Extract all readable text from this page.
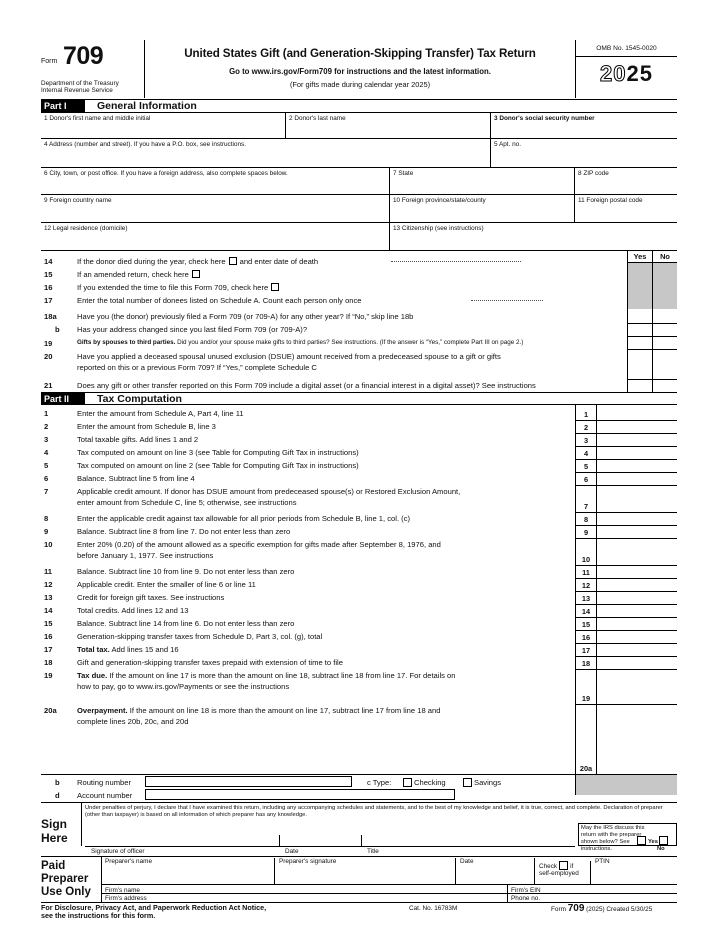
Form 709
Department of the Treasury
Internal Revenue Service
United States Gift (and Generation-Skipping Transfer) Tax Return
Go to www.irs.gov/Form709 for instructions and the latest information.
(For gifts made during calendar year 2025)
OMB No. 1545-0020
2025
Part I	General Information
1 Donor's first name and middle initial	2 Donor's last name	3 Donor's social security number
4 Address (number and street). If you have a P.O. box, see instructions.	5 Apt. no.
6 City, town, or post office. If you have a foreign address, also complete spaces below.	7 State	8 ZIP code
9 Foreign country name	10 Foreign province/state/county	11 Foreign postal code
12 Legal residence (domicile)	13 Citizenship (see instructions)
Yes	No
14	If the donor died during the year, check here and enter date of death
15	If an amended return, check here
16	If you extended the time to file this Form 709, check here
17	Enter the total number of donees listed on Schedule A. Count each person only once
18a	Have you (the donor) previously filed a Form 709 (or 709-A) for any other year? If “No,” skip line 18b
b Has your address changed since you last filed Form 709 (or 709-A)?
19	Gifts by spouses to third parties. Did you and/or your spouse make gifts to third parties? See instructions. (If the answer is “Yes,” complete Part III on page 2.)
20	Have you applied a deceased spousal unused exclusion (DSUE) amount received from a predeceased spouse to a gift or gifts
reported on this or a previous Form 709? If “Yes,” complete Schedule C
21	Does any gift or other transfer reported on this Form 709 include a digital asset (or a financial interest in a digital asset)? See instructions
Part II	Tax Computation
1	Enter the amount from Schedule A, Part 4, line 11	1
2	Enter the amount from Schedule B, line 3	2
3	Total taxable gifts. Add lines 1 and 2	3
4	Tax computed on amount on line 3 (see Table for Computing Gift Tax in instructions)	4
5	Tax computed on amount on line 2 (see Table for Computing Gift Tax in instructions)	5
6	Balance. Subtract line 5 from line 4	6
7	Applicable credit amount. If donor has DSUE amount from predeceased spouse(s) or Restored Exclusion Amount,
enter amount from Schedule C, line 5; otherwise, see instructions	7
8	Enter the applicable credit against tax allowable for all prior periods from Schedule B, line 1, col. (c)	8
9	Balance. Subtract line 8 from line 7. Do not enter less than zero	9
10	Enter 20% (0.20) of the amount allowed as a specific exemption for gifts made after September 8, 1976, and
before January 1, 1977. See instructions	10
11	Balance. Subtract line 10 from line 9. Do not enter less than zero	11
12	Applicable credit. Enter the smaller of line 6 or line 11	12
13	Credit for foreign gift taxes. See instructions	13
14	Total credits. Add lines 12 and 13	14
15	Balance. Subtract line 14 from line 6. Do not enter less than zero	15
16	Generation-skipping transfer taxes from Schedule D, Part 3, col. (g), total	16
17	Total tax. Add lines 15 and 16	17
18	Gift and generation-skipping transfer taxes prepaid with extension of time to file	18
19	Tax due. If the amount on line 17 is more than the amount on line 18, subtract line 18 from line 17. For details on
how to pay, go to www.irs.gov/Payments or see the instructions
19
20a	Overpayment. If the amount on line 18 is more than the amount on line 17, subtract line 17 from line 18 and
complete lines 20b, 20c, and 20d
20a
b Routing number	c Type:	Checking	Savings
d Account number
Sign
Here
Under penalties of perjury, I declare that I have examined this return, including any accompanying schedules and statements, and to the best of my knowledge and belief, it is true, correct, and complete. Declaration of preparer (other than taxpayer) is based on all information of which preparer has any knowledge.
May the IRS discuss this return with the preparer shown below? See instructions.
Yes
No
Signature of officer	Date	Title
Paid
Preparer
Use Only
Preparer's name	Preparer's signature	Date
Check if
self-employed
PTIN
Firm's name	Firm's EIN
Firm's address	Phone no.
For Disclosure, Privacy Act, and Paperwork Reduction Act Notice,
see the instructions for this form.
Cat. No. 16783M	Form 709 (2025) Created 5/30/25
